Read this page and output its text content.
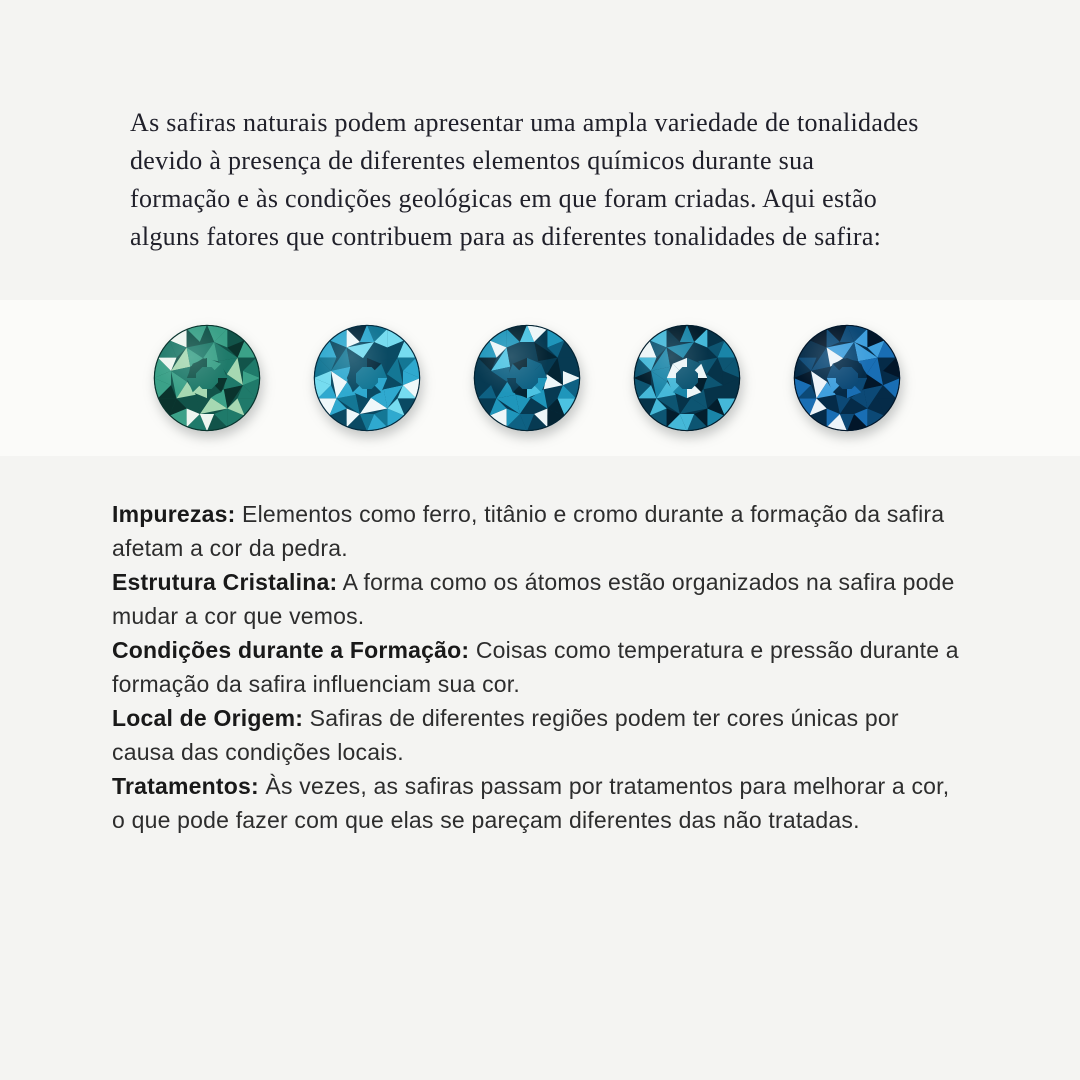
As safiras naturais podem apresentar uma ampla variedade de tonalidades
devido à presença de diferentes elementos químicos durante sua
formação e às condições geológicas em que foram criadas. Aqui estão
alguns fatores que contribuem para as diferentes tonalidades de safira:

Impurezas: Elementos como ferro, titânio e cromo durante a formação da safira
afetam a cor da pedra.

Estrutura Cristalina: A forma como os átomos estão organizados na safira pode
mudar a cor que vemos.

Condições durante a Formação: Coisas como temperatura e pressão durante a
formação da safira influenciam sua cor.

Local de Origem: Safiras de diferentes regiões podem ter cores únicas por
causa das condições locais.

Tratamentos: Às vezes, as safiras passam por tratamentos para melhorar a cor,
o que pode fazer com que elas se pareçam diferentes das não tratadas.
